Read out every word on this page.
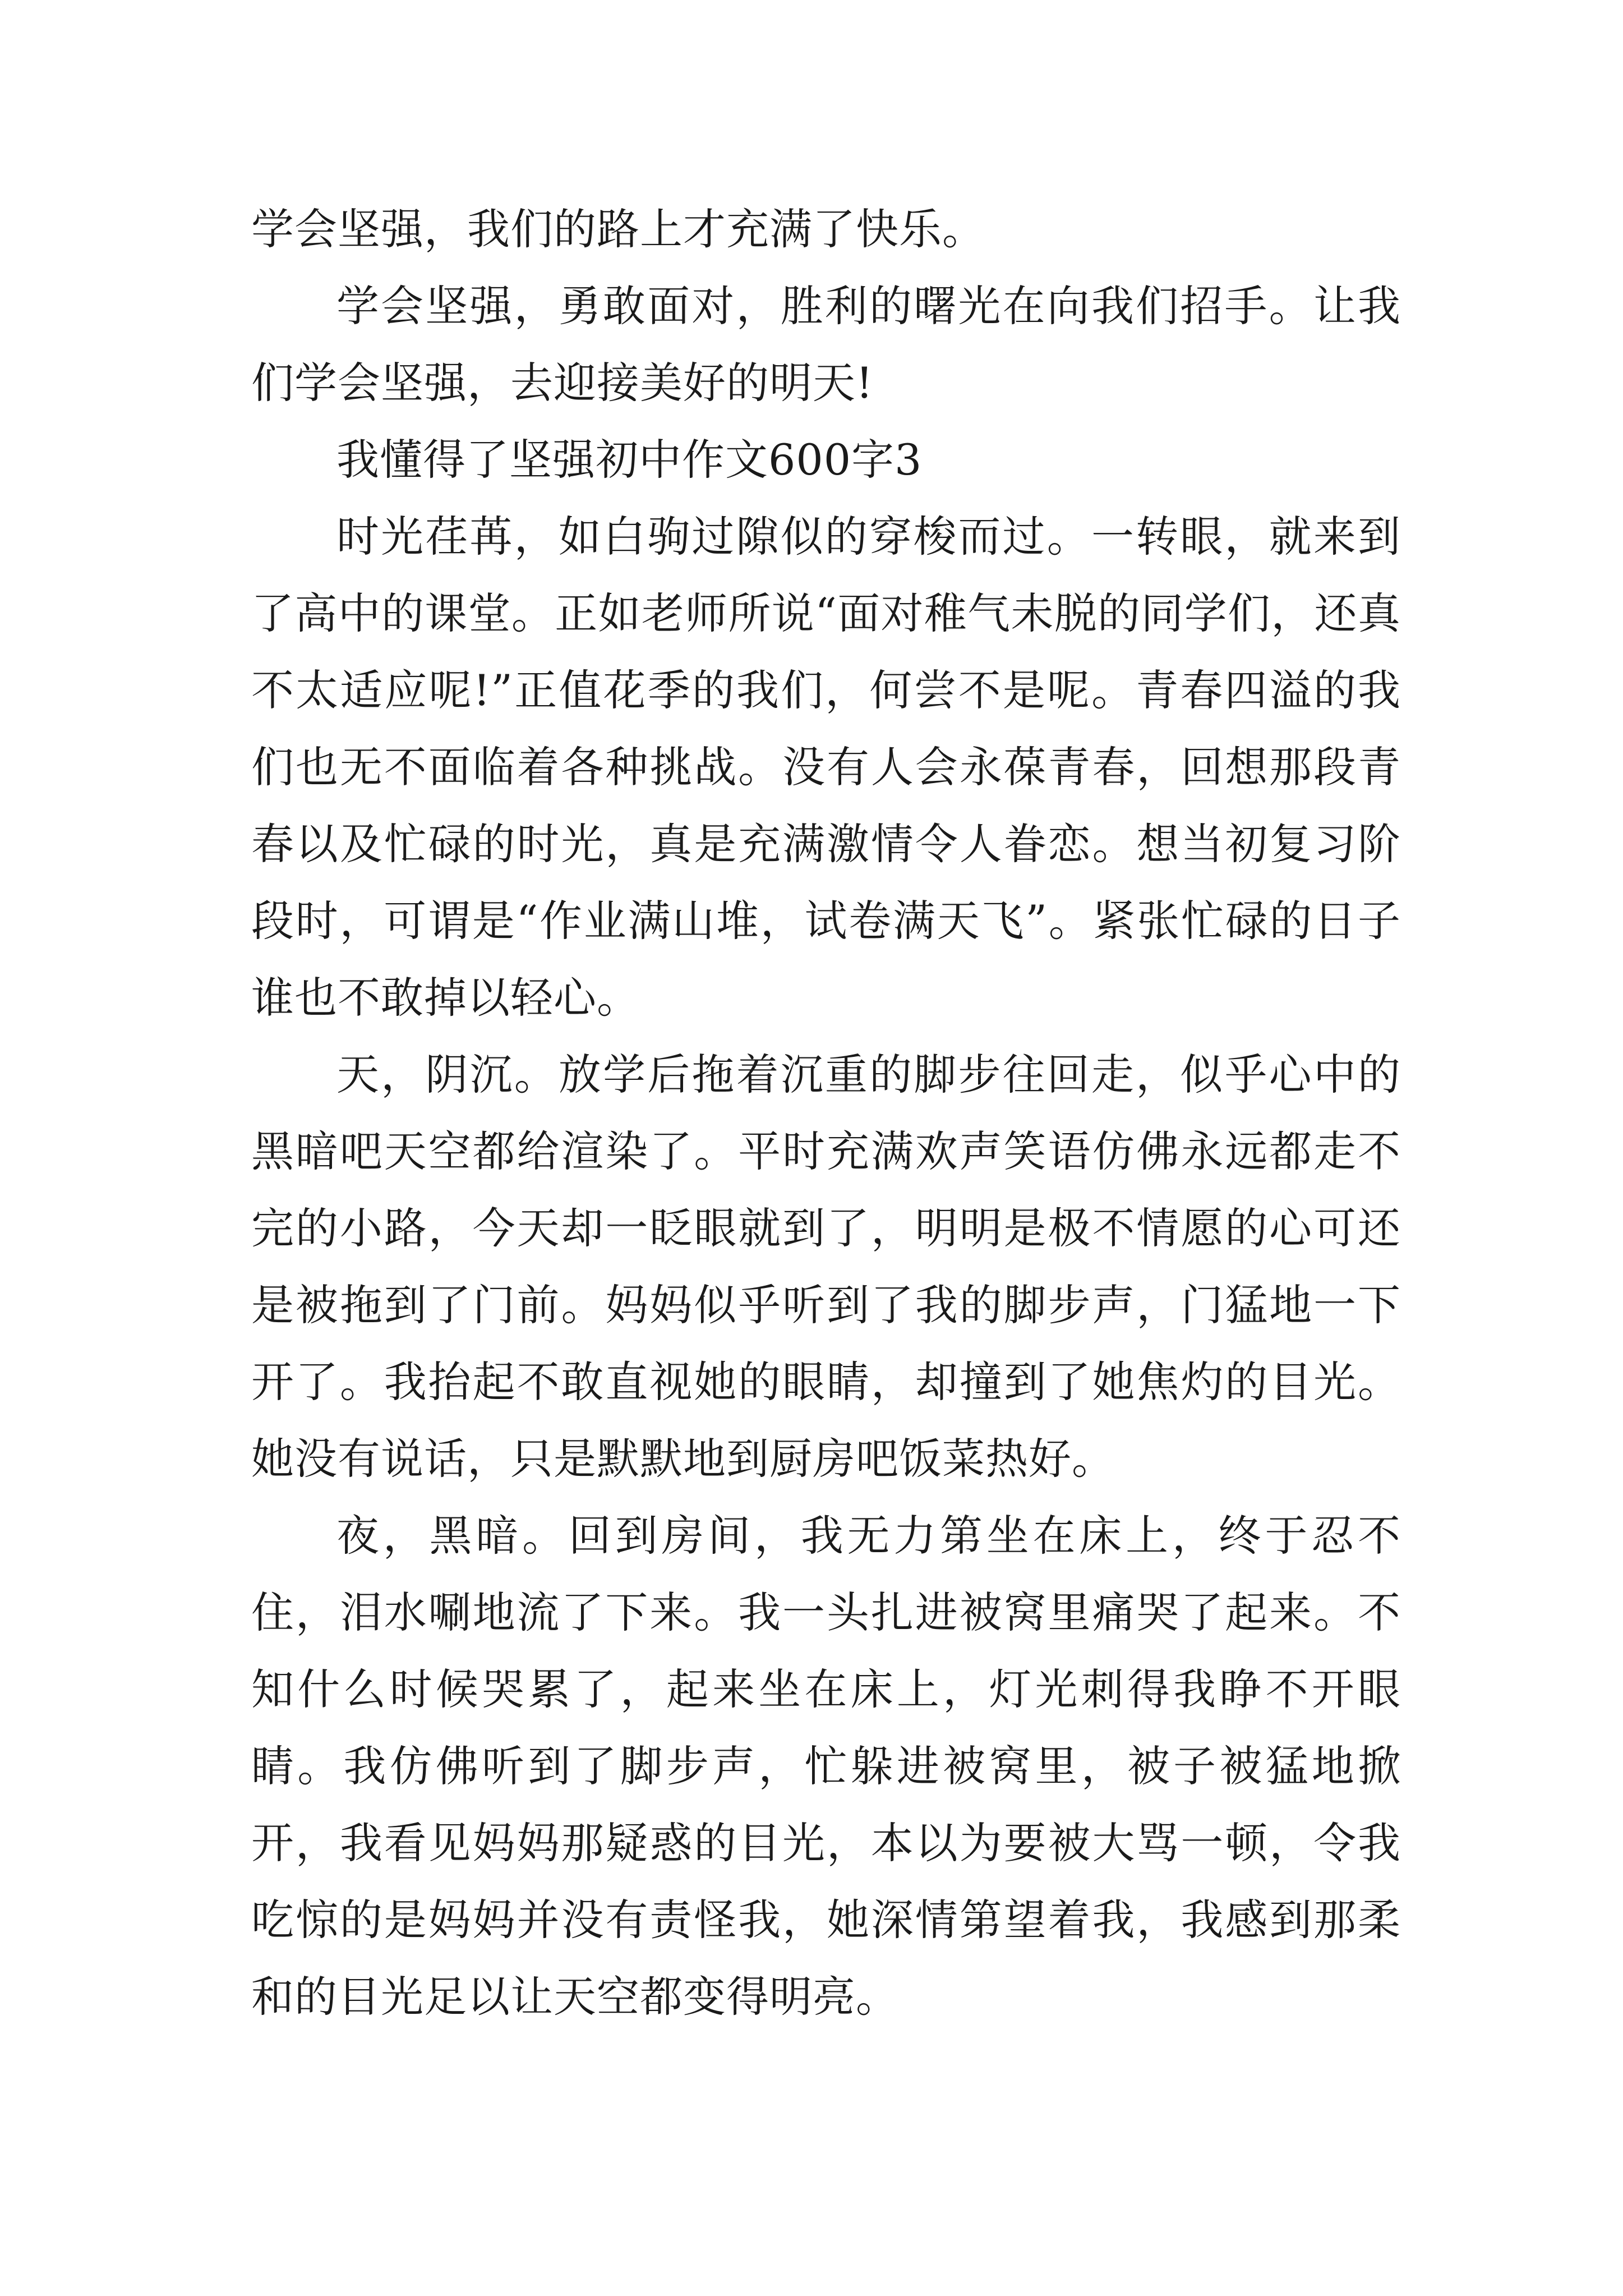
学会坚强，我们的路上才充满了快乐。

学会坚强，勇敢面对，胜利的曙光在向我们招手。让我们学会坚强，去迎接美好的明天!

我懂得了坚强初中作文600字3

时光荏苒，如白驹过隙似的穿梭而过。一转眼，就来到了高中的课堂。正如老师所说“面对稚气未脱的同学们，还真不太适应呢!”正值花季的我们，何尝不是呢。青春四溢的我们也无不面临着各种挑战。没有人会永葆青春，回想那段青春以及忙碌的时光，真是充满激情令人眷恋。想当初复习阶段时，可谓是“作业满山堆，试卷满天飞”。紧张忙碌的日子谁也不敢掉以轻心。

天，阴沉。放学后拖着沉重的脚步往回走，似乎心中的黑暗吧天空都给渲染了。平时充满欢声笑语仿佛永远都走不完的小路，今天却一眨眼就到了，明明是极不情愿的心可还是被拖到了门前。妈妈似乎听到了我的脚步声，门猛地一下开了。我抬起不敢直视她的眼睛，却撞到了她焦灼的目光。她没有说话，只是默默地到厨房吧饭菜热好。

夜，黑暗。回到房间，我无力第坐在床上，终于忍不住，泪水唰地流了下来。我一头扎进被窝里痛哭了起来。不知什么时候哭累了，起来坐在床上，灯光刺得我睁不开眼睛。我仿佛听到了脚步声，忙躲进被窝里，被子被猛地掀开，我看见妈妈那疑惑的目光，本以为要被大骂一顿，令我吃惊的是妈妈并没有责怪我，她深情第望着我，我感到那柔和的目光足以让天空都变得明亮。
